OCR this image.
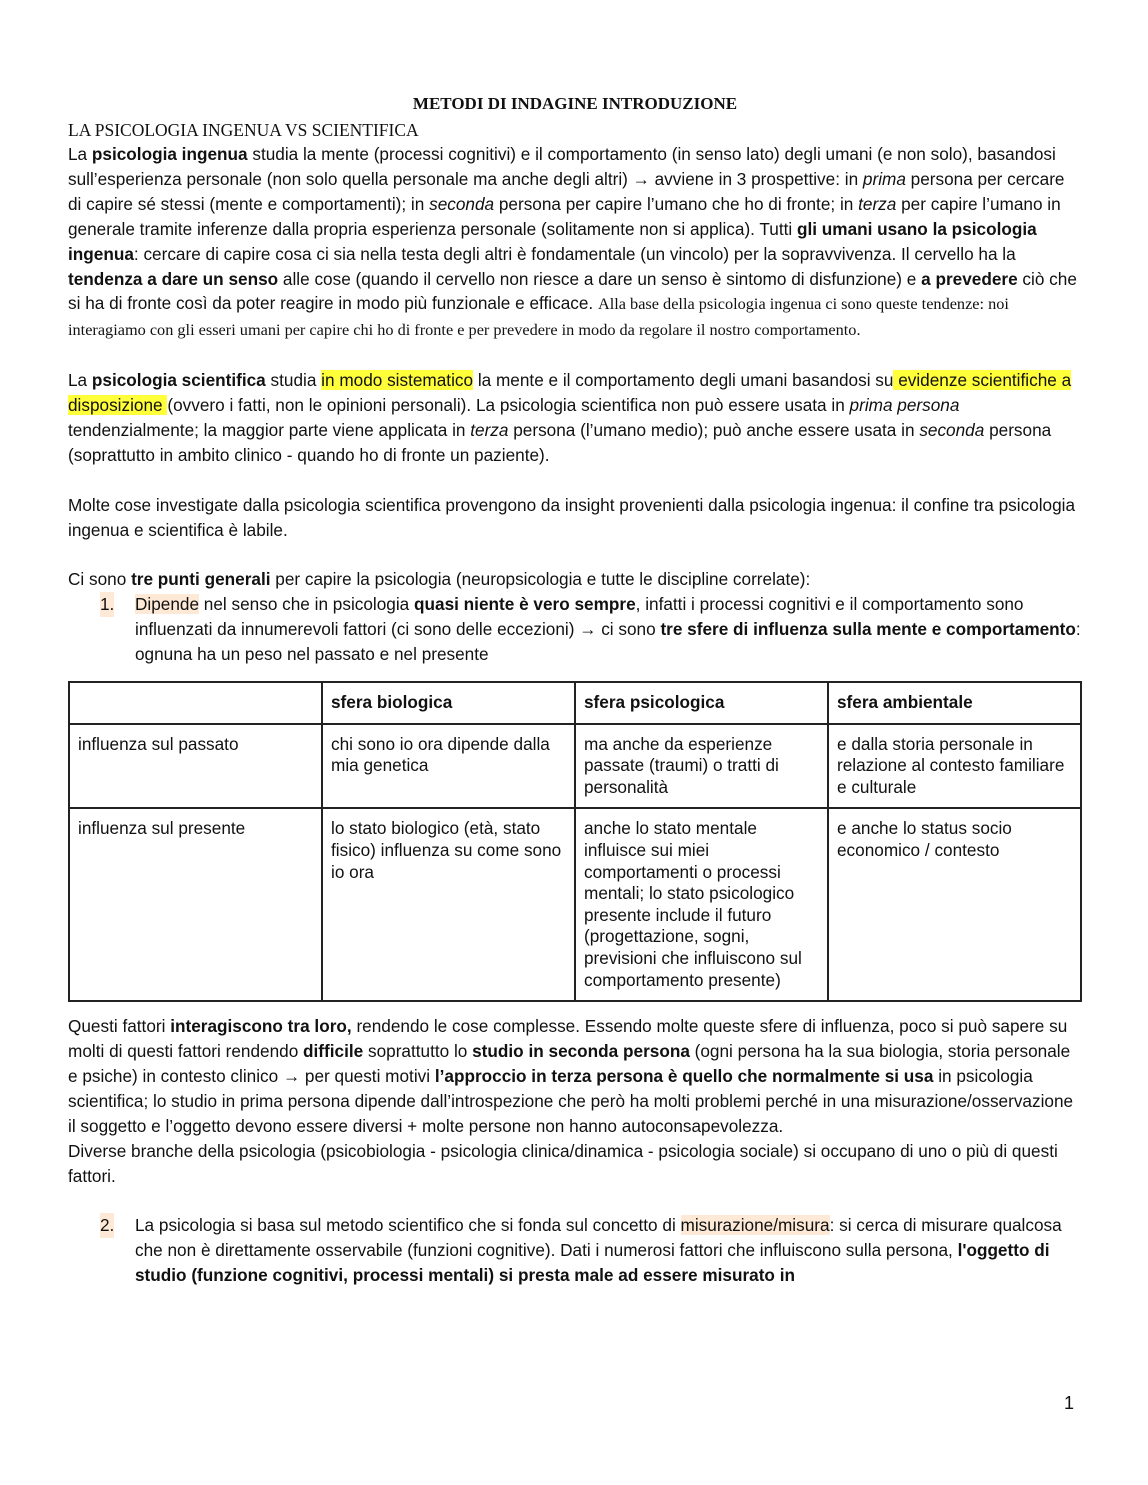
METODI DI INDAGINE INTRODUZIONE
LA PSICOLOGIA INGENUA VS SCIENTIFICA

La psicologia ingenua studia la mente (processi cognitivi) e il comportamento (in senso lato) degli umani (e non solo), basandosi sull’esperienza personale (non solo quella personale ma anche degli altri) → avviene in 3 prospettive: in prima persona per cercare di capire sé stessi (mente e comportamenti); in seconda persona per capire l’umano che ho di fronte; in terza per capire l’umano in generale tramite inferenze dalla propria esperienza personale (solitamente non si applica). Tutti gli umani usano la psicologia ingenua: cercare di capire cosa ci sia nella testa degli altri è fondamentale (un vincolo) per la sopravvivenza. Il cervello ha la tendenza a dare un senso alle cose (quando il cervello non riesce a dare un senso è sintomo di disfunzione) e a prevedere ciò che si ha di fronte così da poter reagire in modo più funzionale e efficace. Alla base della psicologia ingenua ci sono queste tendenze: noi interagiamo con gli esseri umani per capire chi ho di fronte e per prevedere in modo da regolare il nostro comportamento.

La psicologia scientifica studia in modo sistematico la mente e il comportamento degli umani basandosi su evidenze scientifiche a disposizione (ovvero i fatti, non le opinioni personali). La psicologia scientifica non può essere usata in prima persona tendenzialmente; la maggior parte viene applicata in terza persona (l’umano medio); può anche essere usata in seconda persona (soprattutto in ambito clinico - quando ho di fronte un paziente).

Molte cose investigate dalla psicologia scientifica provengono da insight provenienti dalla psicologia ingenua: il confine tra psicologia ingenua e scientifica è labile.

Ci sono tre punti generali per capire la psicologia (neuropsicologia e tutte le discipline correlate):

1. Dipende nel senso che in psicologia quasi niente è vero sempre, infatti i processi cognitivi e il comportamento sono influenzati da innumerevoli fattori (ci sono delle eccezioni) → ci sono tre sfere di influenza sulla mente e comportamento: ognuna ha un peso nel passato e nel presente
	sfera biologica	sfera psicologica	sfera ambientale
influenza sul passato	chi sono io ora dipende dalla mia genetica	ma anche da esperienze passate (traumi) o tratti di personalità	e dalla storia personale in relazione al contesto familiare e culturale
influenza sul presente	lo stato biologico (età, stato fisico) influenza su come sono io ora	anche lo stato mentale influisce sui miei comportamenti o processi mentali; lo stato psicologico presente include il futuro (progettazione, sogni, previsioni che influiscono sul comportamento presente)	e anche lo status socio economico / contesto

Questi fattori interagiscono tra loro, rendendo le cose complesse. Essendo molte queste sfere di influenza, poco si può sapere su molti di questi fattori rendendo difficile soprattutto lo studio in seconda persona (ogni persona ha la sua biologia, storia personale e psiche) in contesto clinico → per questi motivi l’approccio in terza persona è quello che normalmente si usa in psicologia scientifica; lo studio in prima persona dipende dall’introspezione che però ha molti problemi perché in una misurazione/osservazione il soggetto e l’oggetto devono essere diversi + molte persone non hanno autoconsapevolezza.

Diverse branche della psicologia (psicobiologia - psicologia clinica/dinamica - psicologia sociale) si occupano di uno o più di questi fattori.

2. La psicologia si basa sul metodo scientifico che si fonda sul concetto di misurazione/misura: si cerca di misurare qualcosa che non è direttamente osservabile (funzioni cognitive). Dati i numerosi fattori che influiscono sulla persona, l'oggetto di studio (funzione cognitivi, processi mentali) si presta male ad essere misurato in
1
